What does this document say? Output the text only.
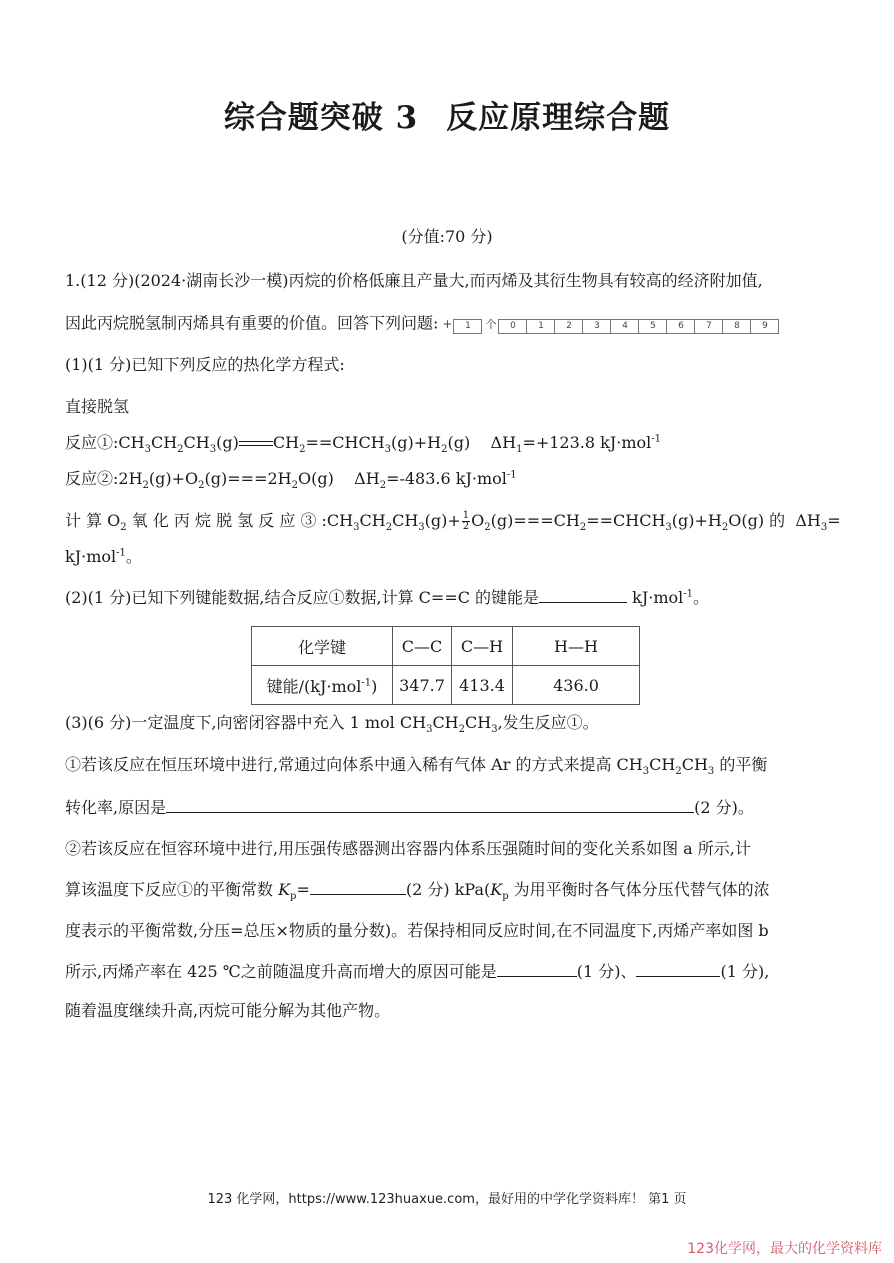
综合题突破 3 反应原理综合题
(分值:70 分)
1.(12 分)(2024·湖南长沙一模)丙烷的价格低廉且产量大,而丙烯及其衍生物具有较高的经济附加值,
因此丙烷脱氢制丙烯具有重要的价值。回答下列问题: + 1 个 0 1 2 3 4 5 6 7 8 9
(1)(1 分)已知下列反应的热化学方程式:
直接脱氢
反应$①:CH_3CH_2CH_3(g)$ $CH_2==CHCH_3(g)+H_2(g)$    $\Delta H_1=+123.8$ kJ·mol$^{-1}$
反应$②:2H_2(g)+O_2(g)===2H_2O(g)$    $\Delta H_2=-483.6$ kJ·mol$^{-1}$
计 算 $O_2$ 氧 化 丙 烷 脱 氢 反 应 ③ $:CH_3CH_2CH_3(g)+ \frac{1}{2}$ $O_2(g)===CH_2==CHCH_3(g)+H_2O(g)$ 的  $\Delta H_3=$
kJ·mol$^{-1}$。
(2)(1 分)已知下列键能数据,结合反应①数据,计算 C==C 的键能是	kJ·mol$^{-1}$。
化学键	C—C	C—H	H—H
键能/(kJ·mol$^{-1}$)	347.7	413.4	436.0
(3)(6 分)一定温度下,向密闭容器中充入 1 mol $CH_3CH_2CH_3$,发生反应①。
①若该反应在恒压环境中进行,常通过向体系中通入稀有气体 Ar 的方式来提高 $CH_3CH_2CH_3$ 的平衡
转化率,原因是	(2 分)。
②若该反应在恒容环境中进行,用压强传感器测出容器内体系压强随时间的变化关系如图 a 所示,计
算该温度下反应①的平衡常数 $K_p=$	(2 分) $kPa(K_p$ 为用平衡时各气体分压代替气体的浓
度表示的平衡常数,分压=总压×物质的量分数)。若保持相同反应时间,在不同温度下,丙烯产率如图 b
所示,丙烯产率在 425 ℃之前随温度升高而增大的原因可能是	(1 分)、	(1 分),
随着温度继续升高,丙烷可能分解为其他产物。
123 化学网，https://www.123huaxue.com，最好用的中学化学资料库！ 第1 页
123化学网，最大的化学资料库
